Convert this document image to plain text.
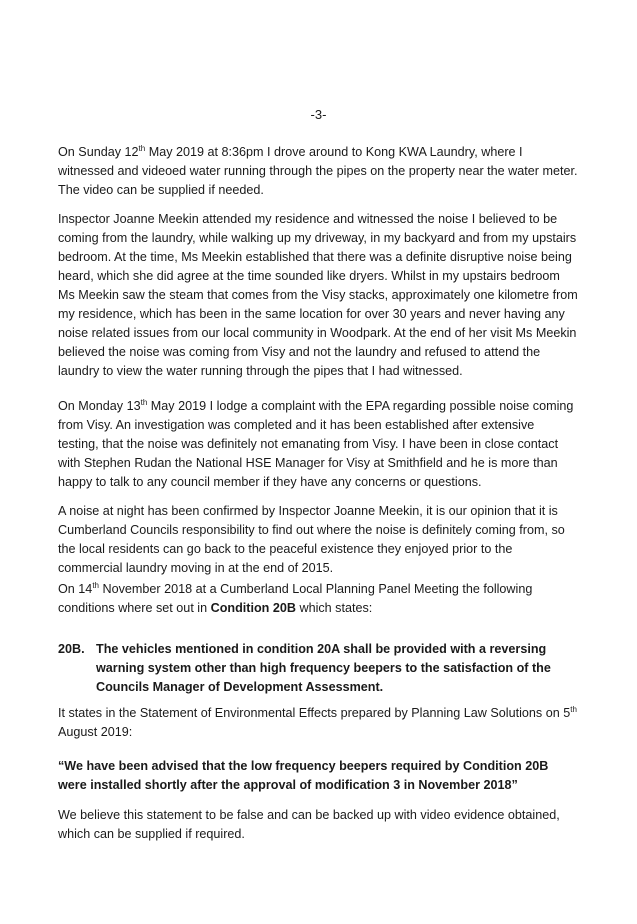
-3-

On Sunday 12th May 2019 at 8:36pm I drove around to Kong KWA Laundry, where I witnessed and videoed water running through the pipes on the property near the water meter. The video can be supplied if needed.

Inspector Joanne Meekin attended my residence and witnessed the noise I believed to be coming from the laundry, while walking up my driveway, in my backyard and from my upstairs bedroom. At the time, Ms Meekin established that there was a definite disruptive noise being heard, which she did agree at the time sounded like dryers. Whilst in my upstairs bedroom Ms Meekin saw the steam that comes from the Visy stacks, approximately one kilometre from my residence, which has been in the same location for over 30 years and never having any noise related issues from our local community in Woodpark. At the end of her visit Ms Meekin believed the noise was coming from Visy and not the laundry and refused to attend the laundry to view the water running through the pipes that I had witnessed.

On Monday 13th May 2019 I lodge a complaint with the EPA regarding possible noise coming from Visy. An investigation was completed and it has been established after extensive testing, that the noise was definitely not emanating from Visy. I have been in close contact with Stephen Rudan the National HSE Manager for Visy at Smithfield and he is more than happy to talk to any council member if they have any concerns or questions.

A noise at night has been confirmed by Inspector Joanne Meekin, it is our opinion that it is Cumberland Councils responsibility to find out where the noise is definitely coming from, so the local residents can go back to the peaceful existence they enjoyed prior to the commercial laundry moving in at the end of 2015.

On 14th November 2018 at a Cumberland Local Planning Panel Meeting the following conditions where set out in Condition 20B which states:

20B. The vehicles mentioned in condition 20A shall be provided with a reversing warning system other than high frequency beepers to the satisfaction of the Councils Manager of Development Assessment.

It states in the Statement of Environmental Effects prepared by Planning Law Solutions on 5th August 2019:

“We have been advised that the low frequency beepers required by Condition 20B were installed shortly after the approval of modification 3 in November 2018”

We believe this statement to be false and can be backed up with video evidence obtained, which can be supplied if required.
